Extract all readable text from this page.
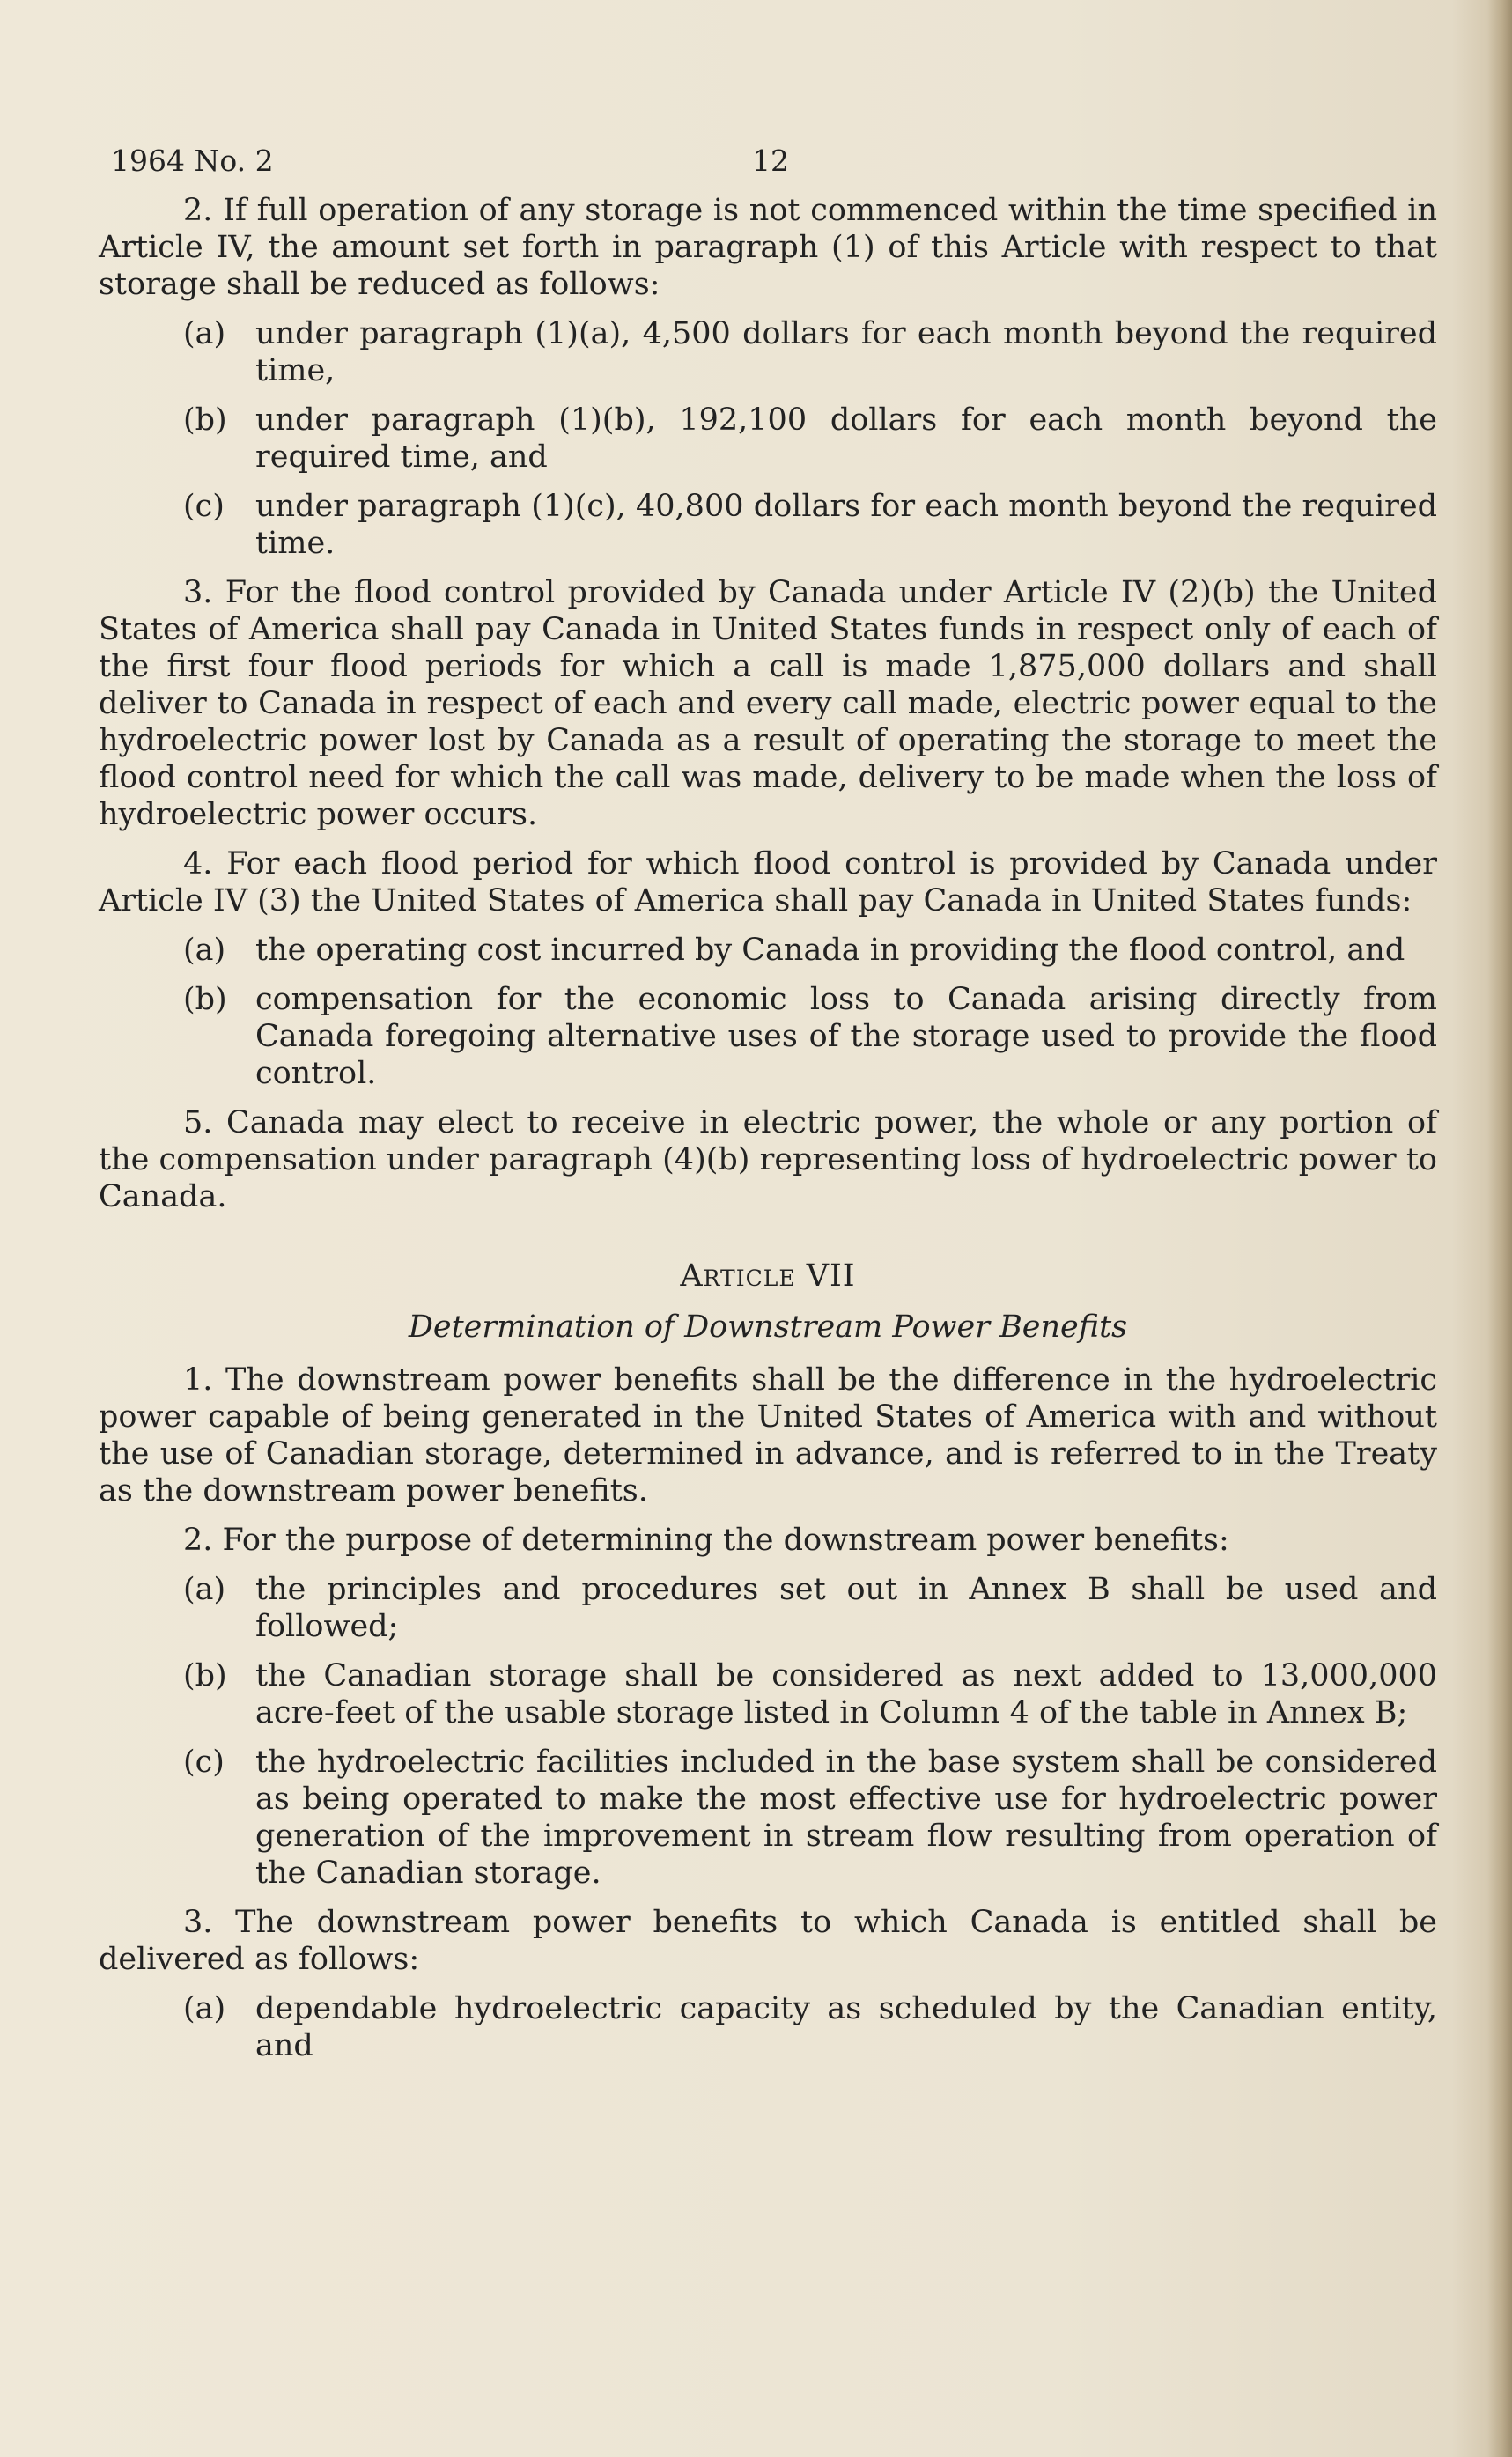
1964 No. 2	12

2. If full operation of any storage is not commenced within the time specified in Article IV, the amount set forth in paragraph (1) of this Article with respect to that storage shall be reduced as follows:

(a) under paragraph (1)(a), 4,500 dollars for each month beyond the required time,
(b) under paragraph (1)(b), 192,100 dollars for each month beyond the required time, and
(c)	under paragraph (1)(c), 40,800 dollars for each month beyond the required time.

3. For the flood control provided by Canada under Article IV (2)(b) the United States of America shall pay Canada in United States funds in respect only of each of the first four flood periods for which a call is made 1,875,000 dollars and shall deliver to Canada in respect of each and every call made, electric power equal to the hydroelectric power lost by Canada as a result of operating the storage to meet the flood control need for which the call was made, delivery to be made when the loss of hydroelectric power occurs.

4. For each flood period for which flood control is provided by Canada under Article IV (3) the United States of America shall pay Canada in United States funds:

(a) the operating cost incurred by Canada in providing the flood control, and
(b) compensation for the economic loss to Canada arising directly from Canada foregoing alternative uses of the storage used to provide the flood control.

5. Canada may elect to receive in electric power, the whole or any portion of the compensation under paragraph (4)(b) representing loss of hydroelectric power to Canada.

Article VII
Determination of Downstream Power Benefits

1. The downstream power benefits shall be the difference in the hydroelectric power capable of being generated in the United States of America with and without the use of Canadian storage, determined in advance, and is referred to in the Treaty as the downstream power benefits.

2. For the purpose of determining the downstream power benefits:

(a) the principles and procedures set out in Annex B shall be used and followed;
(b) the Canadian storage shall be considered as next added to 13,000,000 acre-feet of the usable storage listed in Column 4 of the table in Annex B;
(c)	the hydroelectric facilities included in the base system shall be considered as being operated to make the most effective use for hydroelectric power generation of the improvement in stream flow resulting from operation of the Canadian storage.

3. The downstream power benefits to which Canada is entitled shall be delivered as follows:

(a) dependable hydroelectric capacity as scheduled by the Canadian entity, and
